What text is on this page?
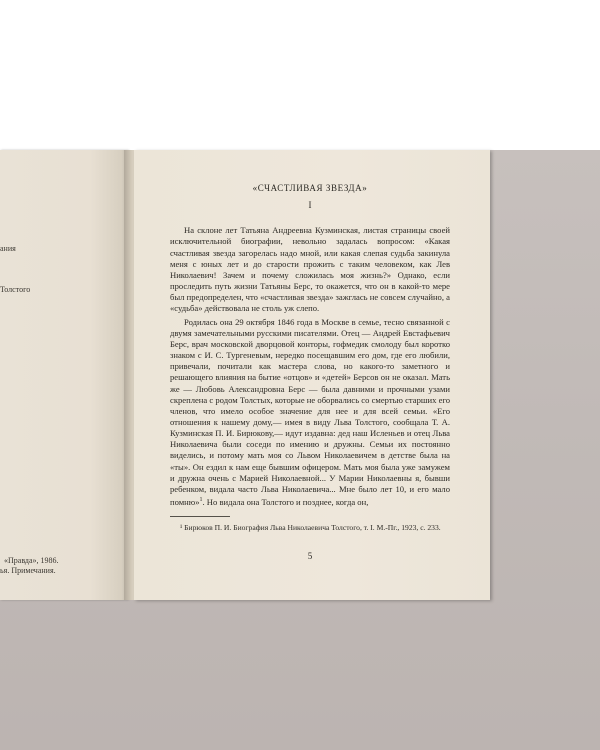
ания
Толстого
«Правда», 1986.
ья. Примечания.

«СЧАСТЛИВАЯ ЗВЕЗДА»

I

На склоне лет Татьяна Андреевна Кузминская, листая страницы своей исключительной биографии, невольно задалась вопросом: «Какая счастливая звезда загорелась надо мной, или какая слепая судьба закинула меня с юных лет и до старости прожить с таким человеком, как Лев Николаевич! Зачем и почему сложилась моя жизнь?» Однако, если проследить путь жизни Татьяны Берс, то окажется, что он в какой-то мере был предопределен, что «счастливая звезда» зажглась не совсем случайно, а «судьба» действовала не столь уж слепо.

Родилась она 29 октября 1846 года в Москве в семье, тесно связанной с двумя замечательными русскими писателями. Отец — Андрей Евстафьевич Берс, врач московской дворцовой конторы, гофмедик смолоду был коротко знаком с И. С. Тургеневым, нередко посещавшим его дом, где его любили, привечали, почитали как мастера слова, но какого-то заметного и решающего влияния на бытие «отцов» и «детей» Берсов он не оказал. Мать же — Любовь Александровна Берс — была давними и прочными узами скреплена с родом Толстых, которые не оборвались со смертью старших его членов, что имело особое значение для нее и для всей семьи. «Его отношения к нашему дому,— имея в виду Льва Толстого, сообщала Т. А. Кузминская П. И. Бирюкову,— идут издавна: дед наш Исленьев и отец Льва Николаевича были соседи по имению и дружны. Семьи их постоянно виделись, и потому мать моя со Львом Николаевичем в детстве была на «ты». Он ездил к нам еще бывшим офицером. Мать моя была уже замужем и дружна очень с Марией Николаевной... У Марии Николаевны я, бывши ребенком, видала часто Льва Николаевича... Мне было лет 10, и его мало помню»$^1$. Но видала она Толстого и позднее, когда он,

¹ Бирюков П. И. Биография Льва Николаевича Толстого, т. I. М.-Пг., 1923, с. 233.

5
